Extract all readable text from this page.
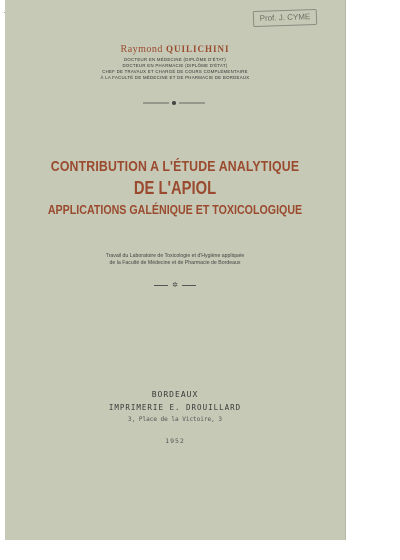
Prof. J. CYME
Raymond QUILICHINI
DOCTEUR EN MÉDECINE (DIPLÔME D'ÉTAT)
DOCTEUR EN PHARMACIE (DIPLÔME D'ÉTAT)
CHEF DE TRAVAUX ET CHARGÉ DE COURS COMPLÉMENTAIRE
À LA FACULTÉ DE MÉDECINE ET DE PHARMACIE DE BORDEAUX
CONTRIBUTION A L'ÉTUDE ANALYTIQUE
DE L'APIOL
APPLICATIONS GALÉNIQUE ET TOXICOLOGIQUE
Travail du Laboratoire de Toxicologie et d'Hygiène appliquée
de la Faculté de Médecine et de Pharmacie de Bordeaux
✲
BORDEAUX
IMPRIMERIE E. DROUILLARD
3, Place de la Victoire, 3
1952
